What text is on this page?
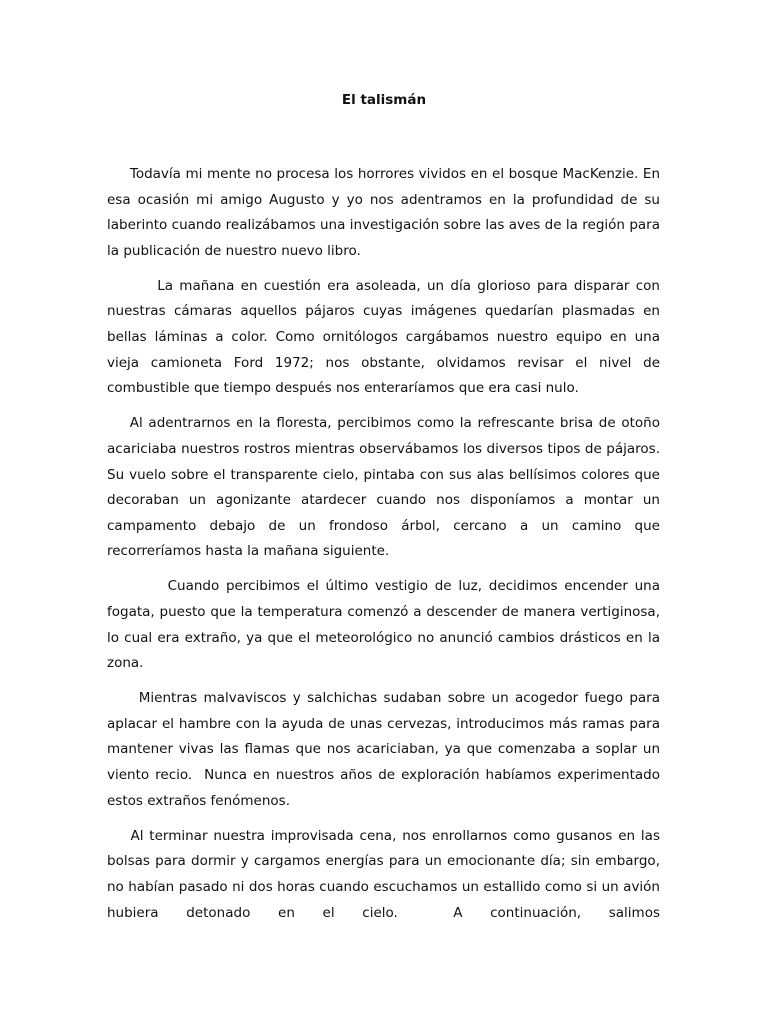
El talismán

Todavía mi mente no procesa los horrores vividos en el bosque MacKenzie. En esa ocasión mi amigo Augusto y yo nos adentramos en la profundidad de su laberinto cuando realizábamos una investigación sobre las aves de la región para la publicación de nuestro nuevo libro.

La mañana en cuestión era asoleada, un día glorioso para disparar con nuestras cámaras aquellos pájaros cuyas imágenes quedarían plasmadas en bellas láminas a color. Como ornitólogos cargábamos nuestro equipo en una vieja camioneta Ford 1972; nos obstante, olvidamos revisar el nivel de combustible que tiempo después nos enteraríamos que era casi nulo.

Al adentrarnos en la floresta, percibimos como la refrescante brisa de otoño acariciaba nuestros rostros mientras observábamos los diversos tipos de pájaros. Su vuelo sobre el transparente cielo, pintaba con sus alas bellísimos colores que decoraban un agonizante atardecer cuando nos disponíamos a montar un campamento debajo de un frondoso árbol, cercano a un camino que recorreríamos hasta la mañana siguiente.

Cuando percibimos el último vestigio de luz, decidimos encender una fogata, puesto que la temperatura comenzó a descender de manera vertiginosa, lo cual era extraño, ya que el meteorológico no anunció cambios drásticos en la zona.

Mientras malvaviscos y salchichas sudaban sobre un acogedor fuego para aplacar el hambre con la ayuda de unas cervezas, introducimos más ramas para mantener vivas las flamas que nos acariciaban, ya que comenzaba a soplar un viento recio.  Nunca en nuestros años de exploración habíamos experimentado estos extraños fenómenos.

Al terminar nuestra improvisada cena, nos enrollarnos como gusanos en las bolsas para dormir y cargamos energías para un emocionante día; sin embargo, no habían pasado ni dos horas cuando escuchamos un estallido como si un avión hubiera detonado en el cielo.  A continuación, salimos
